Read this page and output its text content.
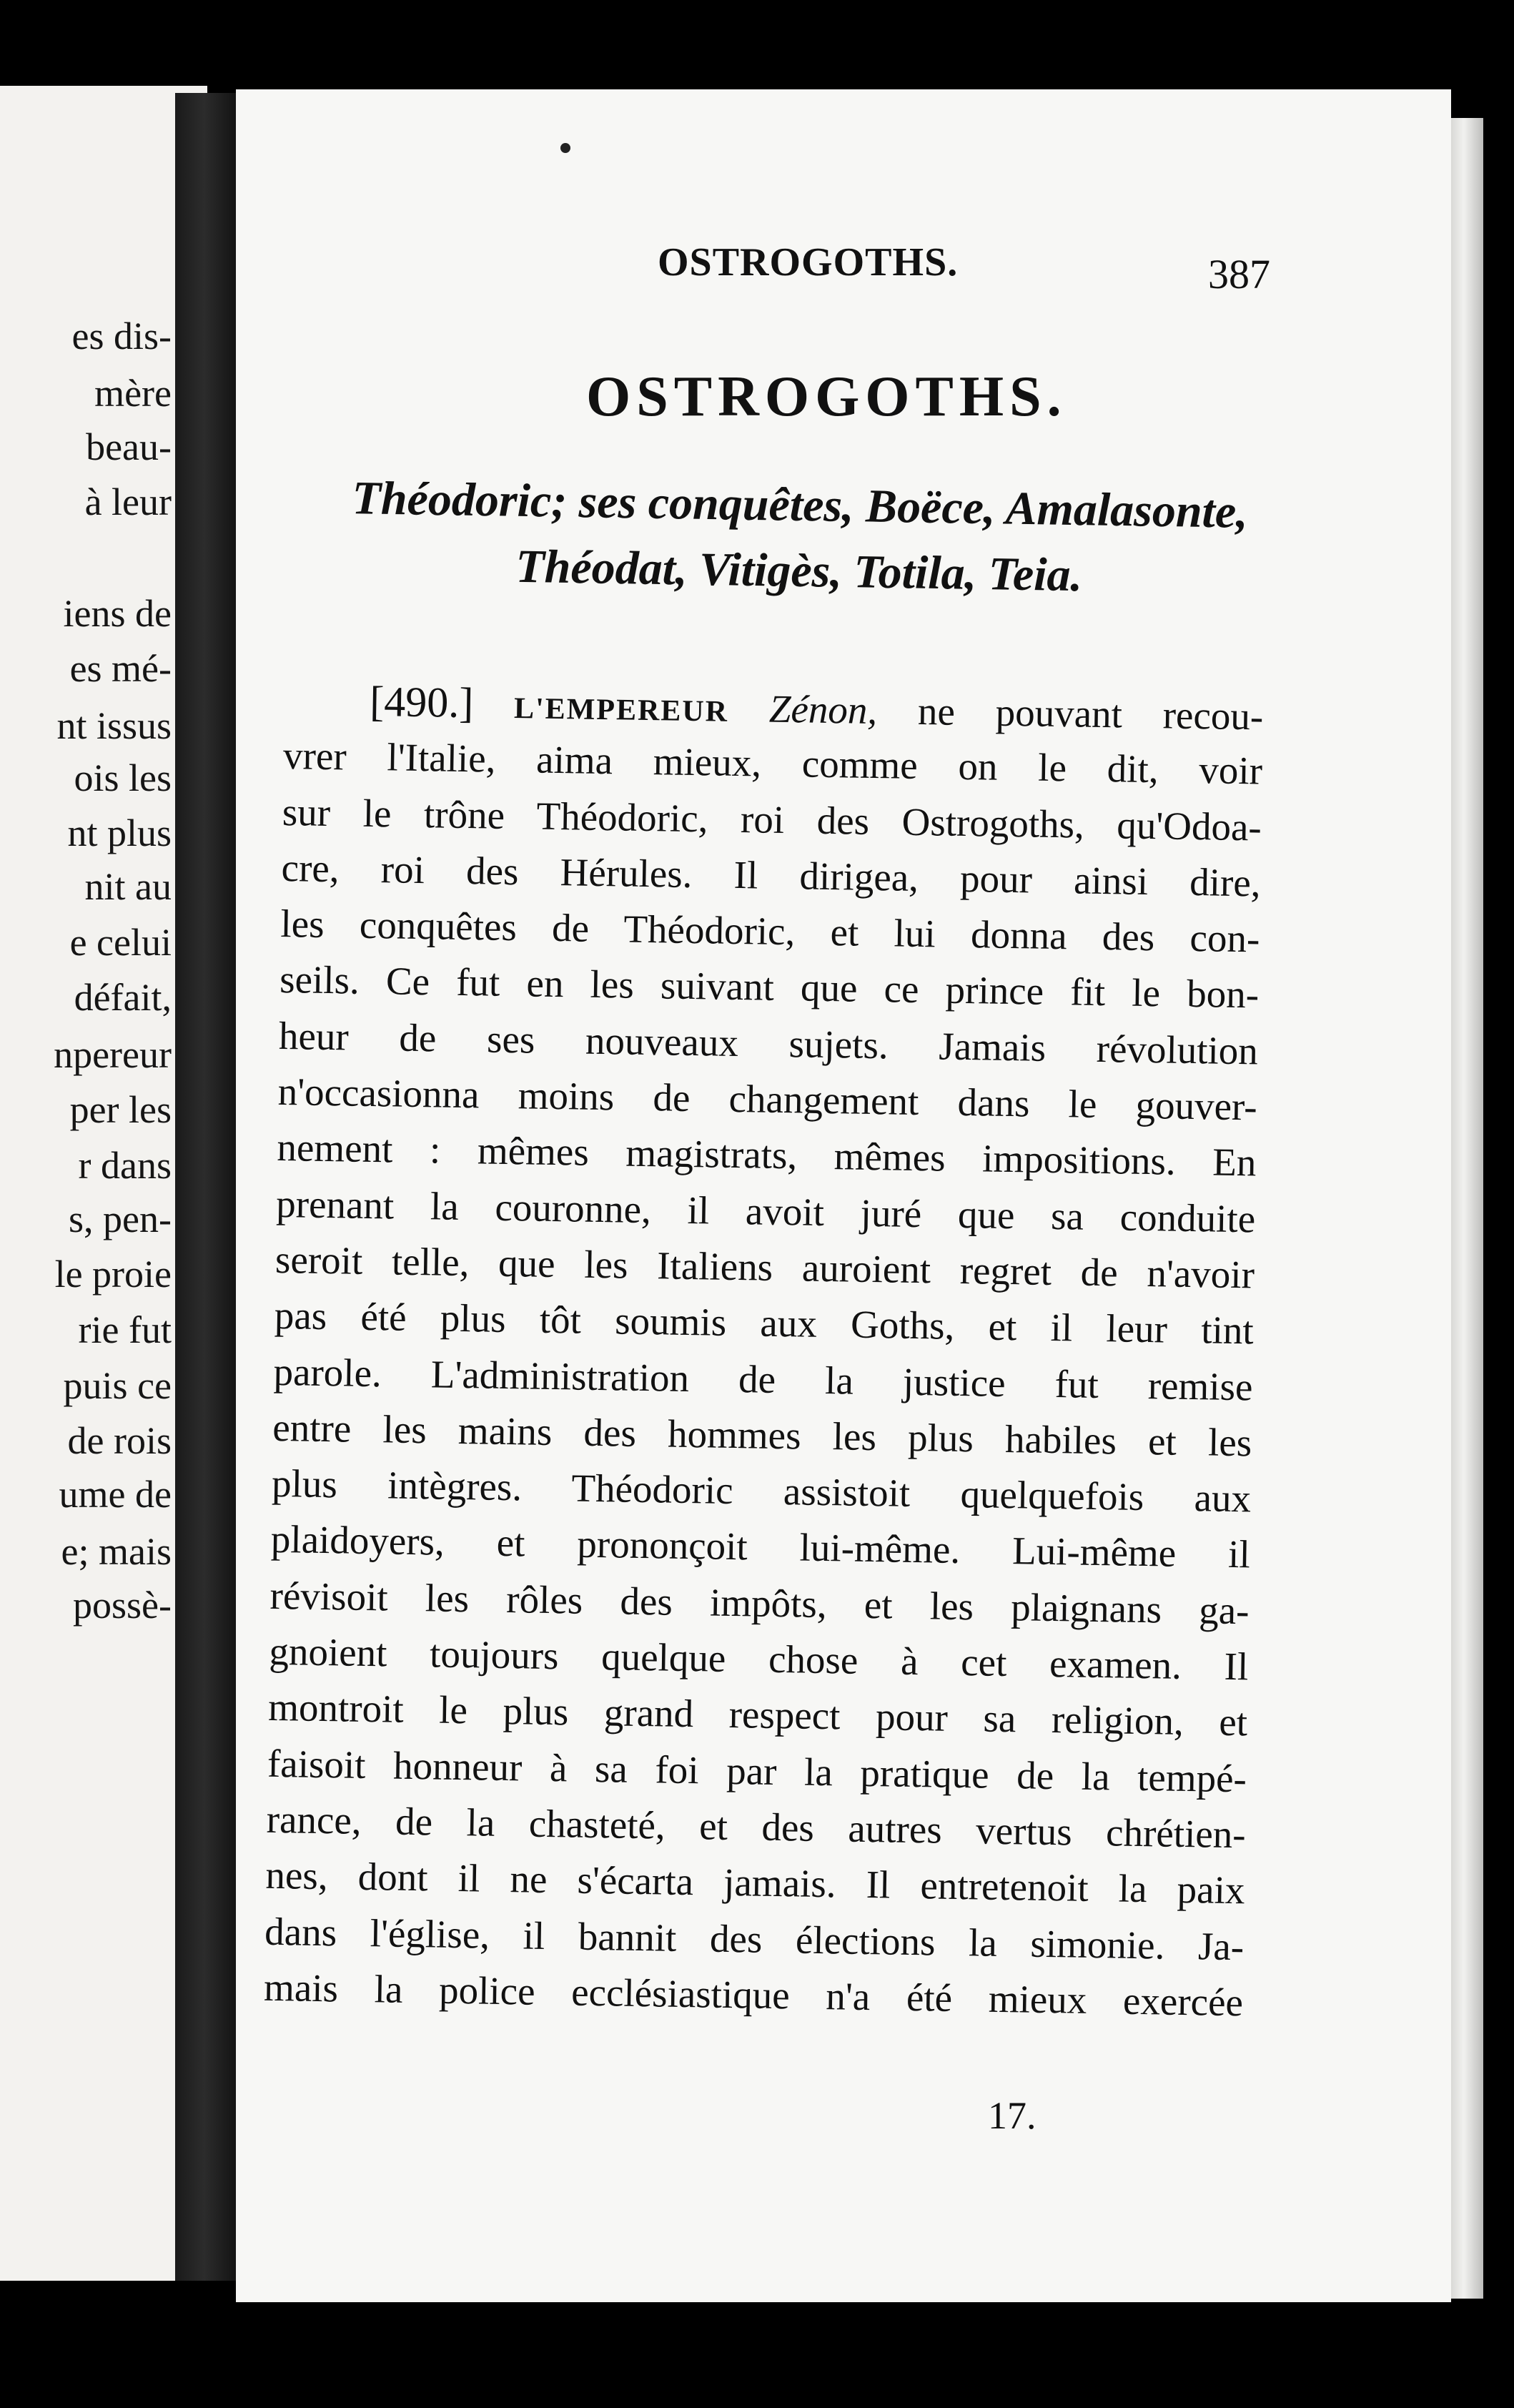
es dis-
mère
beau-
à leur
iens de
es mé-
nt issus
ois les
nt plus
nit au
e celui
défait,
npereur
per les
r dans
s, pen-
le proie
rie fut
puis ce
de rois
ume de
e; mais
possè-
OSTROGOTHS.	387
OSTROGOTHS.
Théodoric; ses conquêtes, Boëce, Amalasonte,
Théodat, Vitigès, Totila, Teia.
[490.] L'EMPEREUR Zénon, ne pouvant recou-
vrer l'Italie, aima mieux, comme on le dit, voir
sur le trône Théodoric, roi des Ostrogoths, qu'Odoa-
cre, roi des Hérules. Il dirigea, pour ainsi dire,
les conquêtes de Théodoric, et lui donna des con-
seils. Ce fut en les suivant que ce prince fit le bon-
heur de ses nouveaux sujets. Jamais révolution
n'occasionna moins de changement dans le gouver-
nement : mêmes magistrats, mêmes impositions. En
prenant la couronne, il avoit juré que sa conduite
seroit telle, que les Italiens auroient regret de n'avoir
pas été plus tôt soumis aux Goths, et il leur tint
parole. L'administration de la justice fut remise
entre les mains des hommes les plus habiles et les
plus intègres. Théodoric assistoit quelquefois aux
plaidoyers, et prononçoit lui-même. Lui-même il
révisoit les rôles des impôts, et les plaignans ga-
gnoient toujours quelque chose à cet examen. Il
montroit le plus grand respect pour sa religion, et
faisoit honneur à sa foi par la pratique de la tempé-
rance, de la chasteté, et des autres vertus chrétien-
nes, dont il ne s'écarta jamais. Il entretenoit la paix
dans l'église, il bannit des élections la simonie. Ja-
mais la police ecclésiastique n'a été mieux exercée
17.
